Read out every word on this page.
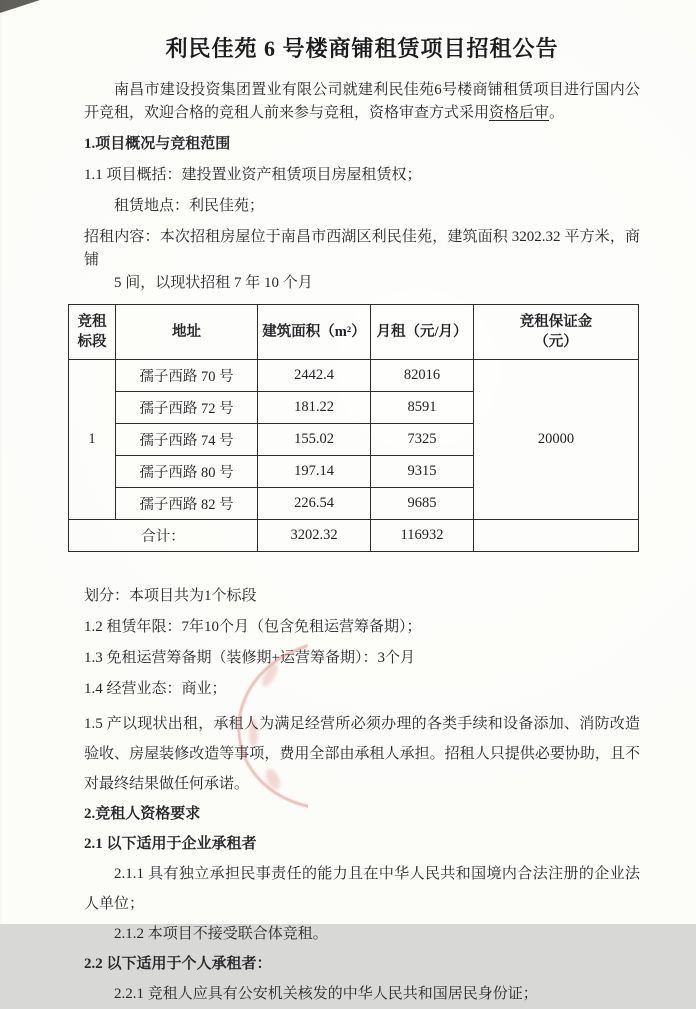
利民佳苑 6 号楼商铺租赁项目招租公告

南昌市建设投资集团置业有限公司就建利民佳苑6号楼商铺租赁项目进行国内公开竞租，欢迎合格的竞租人前来参与竞租，资格审查方式采用资格后审。

1.项目概况与竞租范围
1.1 项目概括：建投置业资产租赁项目房屋租赁权；
租赁地点：利民佳苑；
招租内容：本次招租房屋位于南昌市西湖区利民佳苑，建筑面积 3202.32 平方米，商铺
5 间，以现状招租 7 年 10 个月
竞租
标段	地址	建筑面积（m²）	月租（元/月）	竞租保证金
（元）

1	孺子西路 70 号	2442.4	82016	20000
	孺子西路 72 号	181.22	8591	
	孺子西路 74 号	155.02	7325	
	孺子西路 80 号	197.14	9315	
	孺子西路 82 号	226.54	9685	
合计：		3202.32	116932	
划分：本项目共为1个标段
1.2 租赁年限：7年10个月（包含免租运营筹备期）；
1.3 免租运营筹备期（装修期+运营筹备期）：3个月
1.4 经营业态：商业；

1.5 产以现状出租，承租人为满足经营所必须办理的各类手续和设备添加、消防改造验收、房屋装修改造等事项，费用全部由承租人承担。招租人只提供必要协助，且不对最终结果做任何承诺。

2.竞租人资格要求
2.1 以下适用于企业承租者

2.1.1 具有独立承担民事责任的能力且在中华人民共和国境内合法注册的企业法人单位；

2.1.2 本项目不接受联合体竞租。
2.2 以下适用于个人承租者：
2.2.1 竞租人应具有公安机关核发的中华人民共和国居民身份证；
